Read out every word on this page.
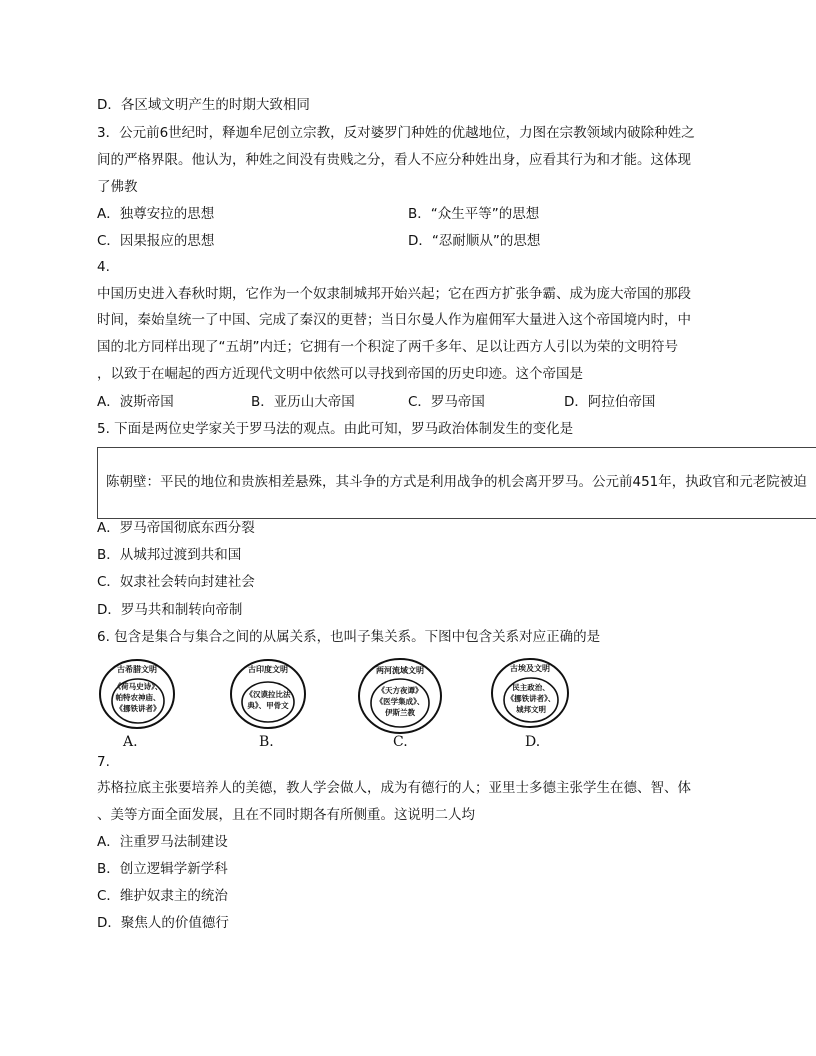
D．各区域文明产生的时期大致相同
3．公元前6世纪时，释迦牟尼创立宗教，反对婆罗门种姓的优越地位，力图在宗教领域内破除种姓之
间的严格界限。他认为，种姓之间没有贵贱之分，看人不应分种姓出身，应看其行为和才能。这体现
了佛教
A．独尊安拉的思想	B．“众生平等”的思想
C．因果报应的思想	D．“忍耐顺从”的思想
4.
中国历史进入春秋时期，它作为一个奴隶制城邦开始兴起；它在西方扩张争霸、成为庞大帝国的那段
时间，秦始皇统一了中国、完成了秦汉的更替；当日尔曼人作为雇佣军大量进入这个帝国境内时，中
国的北方同样出现了“五胡”内迁；它拥有一个积淀了两千多年、足以让西方人引以为荣的文明符号
，以致于在崛起的西方近现代文明中依然可以寻找到帝国的历史印迹。这个帝国是
A．波斯帝国	B．亚历山大帝国	C．罗马帝国	D．阿拉伯帝国
5. 下面是两位史学家关于罗马法的观点。由此可知，罗马政治体制发生的变化是
陈朝壁：平民的地位和贵族相差悬殊，其斗争的方式是利用战争的机会离开罗马。公元前451年，执政官和元老院被迫
A．罗马帝国彻底东西分裂
B．从城邦过渡到共和国
C．奴隶社会转向封建社会
D．罗马共和制转向帝制
6. 包含是集合与集合之间的从属关系，也叫子集关系。下图中包含关系对应正确的是
古希腊文明
《荷马史诗》、
帕特农神庙、
《挪铁讲者》
A.
古印度文明
《汉谟拉比法
典》、甲骨文
B.
两河流域文明
《天方夜谭》
《医学集成》、
伊斯兰教
C.
古埃及文明
民主政治、
《挪铁讲者》、
城邦文明
D.
7.
苏格拉底主张要培养人的美德，教人学会做人，成为有德行的人；亚里士多德主张学生在德、智、体
、美等方面全面发展，且在不同时期各有所侧重。这说明二人均
A．注重罗马法制建设
B．创立逻辑学新学科
C．维护奴隶主的统治
D．聚焦人的价值德行
